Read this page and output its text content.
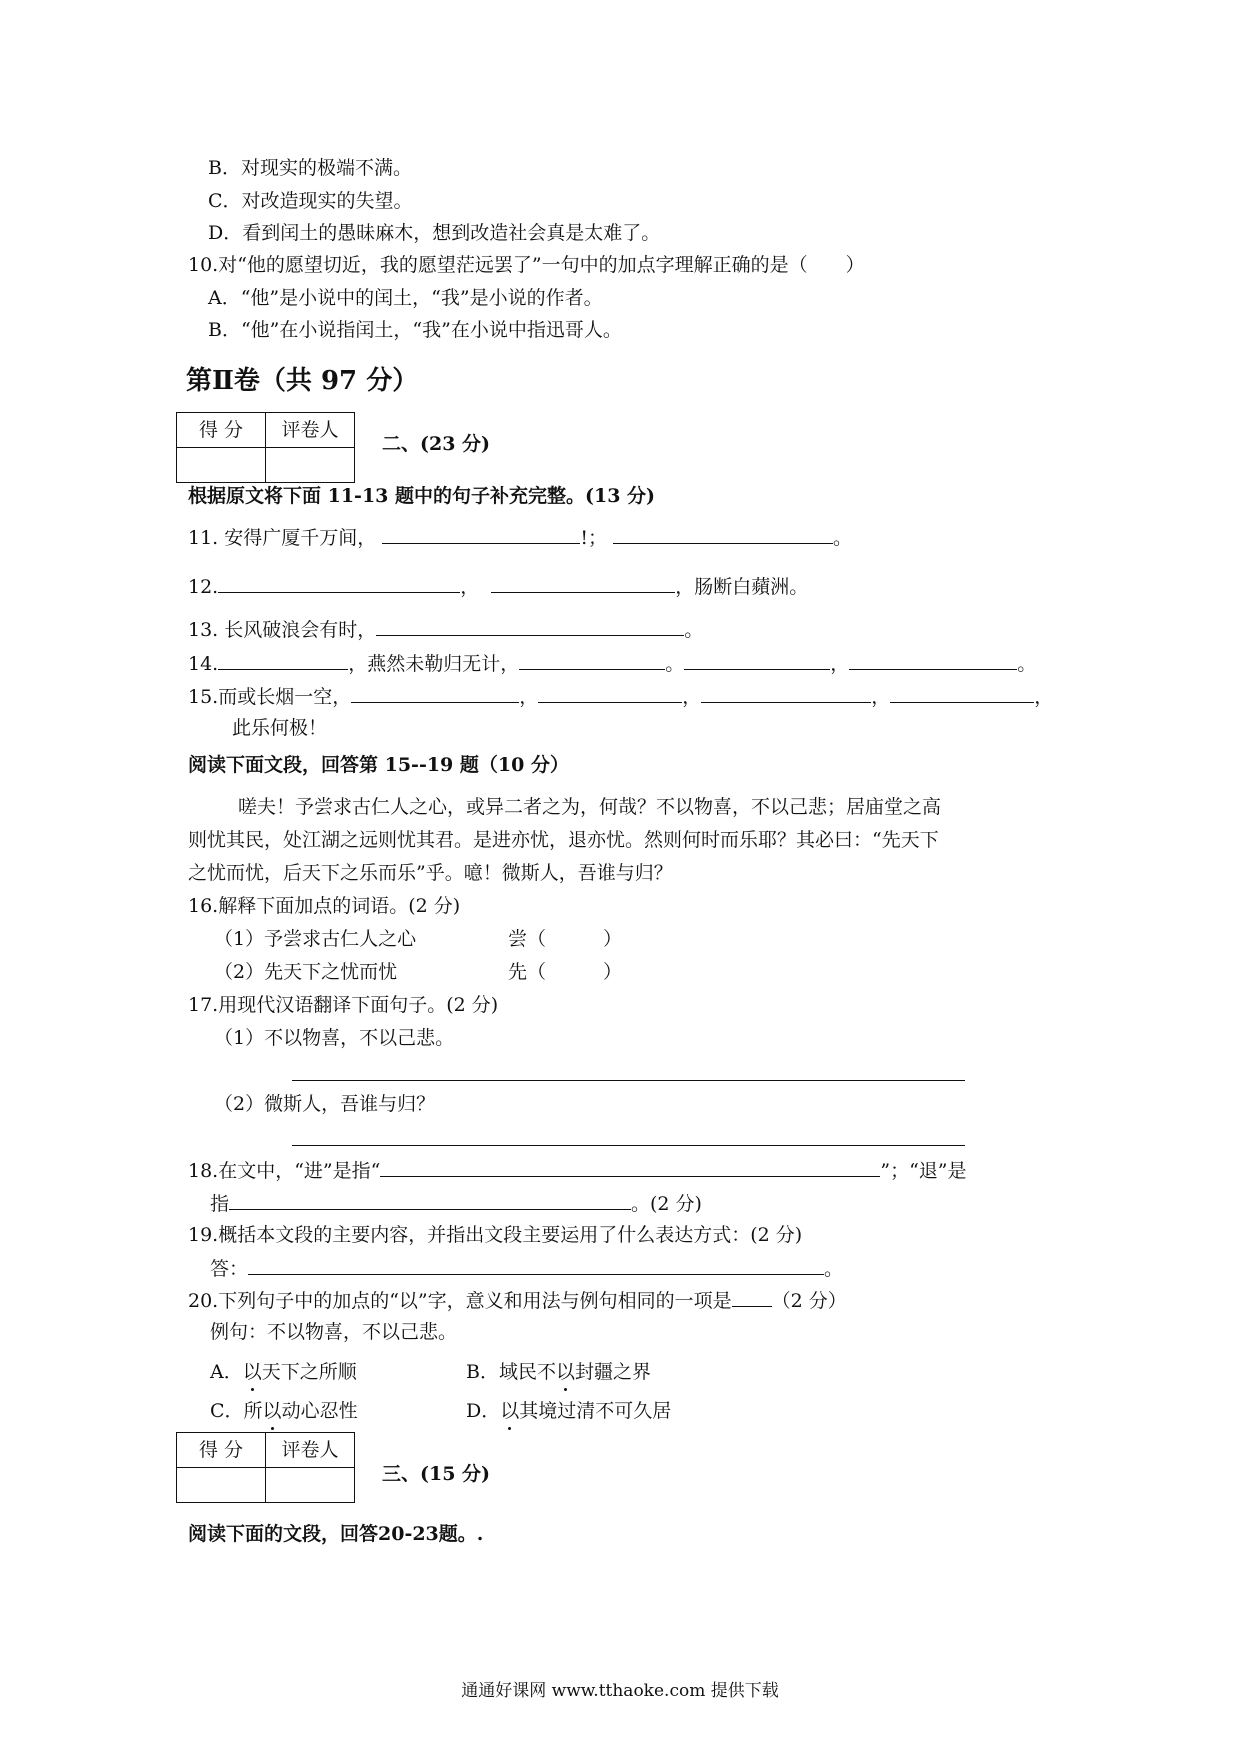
B．对现实的极端不满。
C．对改造现实的失望。
D．看到闰土的愚昧麻木，想到改造社会真是太难了。
10.对“他的愿望切近，我的愿望茫远罢了”一句中的加点字理解正确的是（　　）
A．“他”是小说中的闰土，“我”是小说的作者。
B．“他”在小说指闰土，“我”在小说中指迅哥人。
第Ⅱ卷（共 97 分）
得 分	评卷人

二、(23 分)
根据原文将下面 11-13 题中的句子补充完整。(13 分)
11. 安得广厦千万间，	!；	。
12.	，	，肠断白蘋洲。
13. 长风破浪会有时，	。
14.	，燕然未勒归无计，	。	，	。
15.而或长烟一空，	，	，	，	，
此乐何极！
阅读下面文段，回答第 15--19 题（10 分）
嗟夫！予尝求古仁人之心，或异二者之为，何哉？不以物喜，不以己悲；居庙堂之高
则忧其民，处江湖之远则忧其君。是进亦忧，退亦忧。然则何时而乐耶？其必曰：“先天下
之忧而忧，后天下之乐而乐”乎。噫！微斯人，吾谁与归？
16.解释下面加点的词语。(2 分)
（1）予尝求古仁人之心	尝（　　　）
（2）先天下之忧而忧	先（　　　）
17.用现代汉语翻译下面句子。(2 分)
（1）不以物喜，不以己悲。
（2）微斯人，吾谁与归？
18.在文中，“进”是指“	”；“退”是
指	。(2 分)
19.概括本文段的主要内容，并指出文段主要运用了什么表达方式：(2 分)
答：	。
20.下列句子中的加点的“以”字，意义和用法与例句相同的一项是 （2 分）
例句：不以物喜，不以己悲。
A．以天下之所顺	B．域民不以封疆之界
C．所以动心忍性	D．以其境过清不可久居
得 分	评卷人

三、(15 分)
阅读下面的文段，回答20-23题。.
通通好课网 www.tthaoke.com 提供下载
